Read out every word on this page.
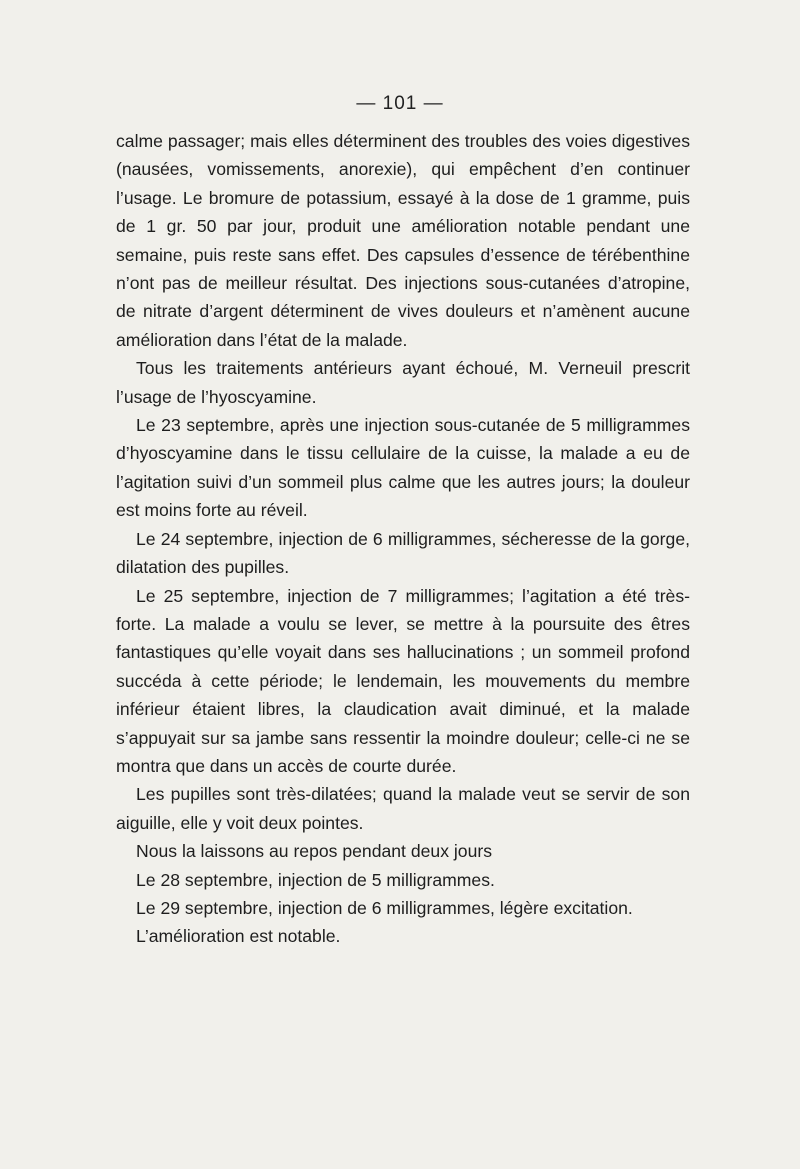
— 101 —

calme passager; mais elles déterminent des troubles des voies digestives (nausées, vomissements, anorexie), qui empêchent d’en continuer l’usage. Le bromure de potassium, essayé à la dose de 1 gramme, puis de 1 gr. 50 par jour, produit une amélioration notable pendant une semaine, puis reste sans effet. Des capsules d’essence de térébenthine n’ont pas de meilleur résultat. Des injections sous-cutanées d’atropine, de nitrate d’argent déterminent de vives douleurs et n’amènent aucune amélioration dans l’état de la malade.

Tous les traitements antérieurs ayant échoué, M. Verneuil prescrit l’usage de l’hyoscyamine.

Le 23 septembre, après une injection sous-cutanée de 5 milligrammes d’hyoscyamine dans le tissu cellulaire de la cuisse, la malade a eu de l’agitation suivi d’un sommeil plus calme que les autres jours; la douleur est moins forte au réveil.

Le 24 septembre, injection de 6 milligrammes, sécheresse de la gorge, dilatation des pupilles.

Le 25 septembre, injection de 7 milligrammes; l’agitation a été très-forte. La malade a voulu se lever, se mettre à la poursuite des êtres fantastiques qu’elle voyait dans ses hallucinations ; un sommeil profond succéda à cette période; le lendemain, les mouvements du membre inférieur étaient libres, la claudication avait diminué, et la malade s’appuyait sur sa jambe sans ressentir la moindre douleur; celle-ci ne se montra que dans un accès de courte durée.

Les pupilles sont très-dilatées; quand la malade veut se servir de son aiguille, elle y voit deux pointes.

Nous la laissons au repos pendant deux jours

Le 28 septembre, injection de 5 milligrammes.

Le 29 septembre, injection de 6 milligrammes, légère excitation.

L’amélioration est notable.
